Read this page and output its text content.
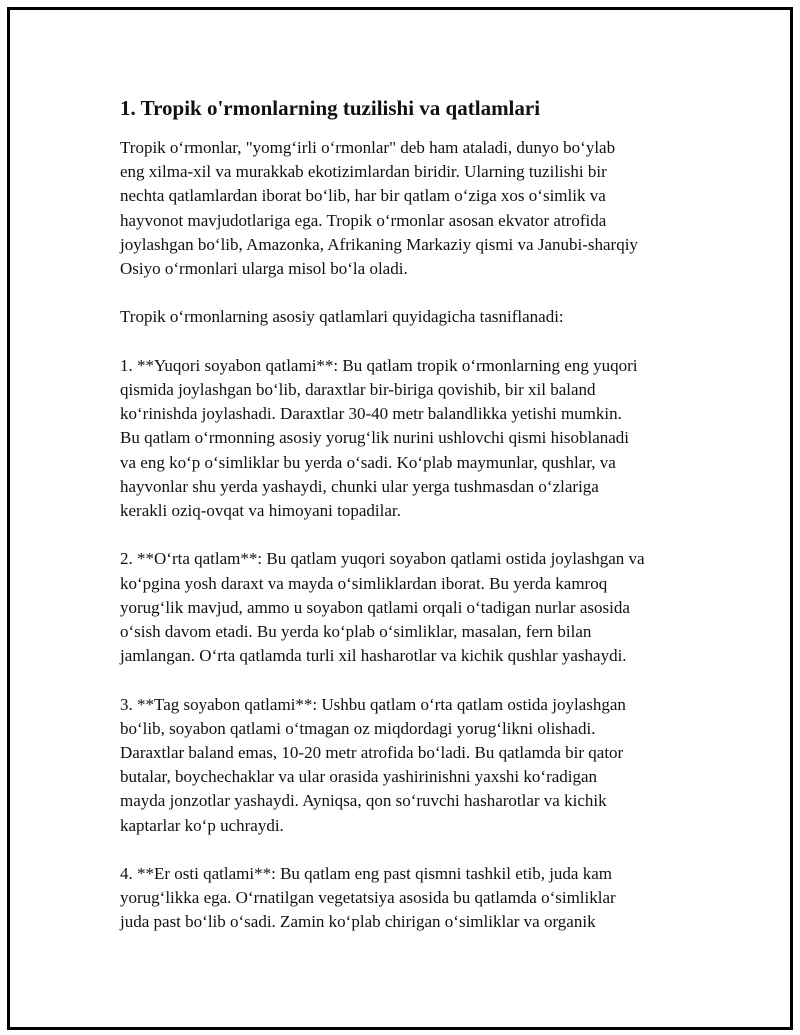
1. Tropik o'rmonlarning tuzilishi va qatlamlari

Tropik o‘rmonlar, "yomg‘irli o‘rmonlar" deb ham ataladi, dunyo bo‘ylab
eng xilma-xil va murakkab ekotizimlardan biridir. Ularning tuzilishi bir
nechta qatlamlardan iborat bo‘lib, har bir qatlam o‘ziga xos o‘simlik va
hayvonot mavjudotlariga ega. Tropik o‘rmonlar asosan ekvator atrofida
joylashgan bo‘lib, Amazonka, Afrikaning Markaziy qismi va Janubi-sharqiy
Osiyo o‘rmonlari ularga misol bo‘la oladi.

Tropik o‘rmonlarning asosiy qatlamlari quyidagicha tasniflanadi:

1. **Yuqori soyabon qatlami**: Bu qatlam tropik o‘rmonlarning eng yuqori
qismida joylashgan bo‘lib, daraxtlar bir-biriga qovishib, bir xil baland
ko‘rinishda joylashadi. Daraxtlar 30-40 metr balandlikka yetishi mumkin.
Bu qatlam o‘rmonning asosiy yorug‘lik nurini ushlovchi qismi hisoblanadi
va eng ko‘p o‘simliklar bu yerda o‘sadi. Ko‘plab maymunlar, qushlar, va
hayvonlar shu yerda yashaydi, chunki ular yerga tushmasdan o‘zlariga
kerakli oziq-ovqat va himoyani topadilar.

2. **O‘rta qatlam**: Bu qatlam yuqori soyabon qatlami ostida joylashgan va
ko‘pgina yosh daraxt va mayda o‘simliklardan iborat. Bu yerda kamroq
yorug‘lik mavjud, ammo u soyabon qatlami orqali o‘tadigan nurlar asosida
o‘sish davom etadi. Bu yerda ko‘plab o‘simliklar, masalan, fern bilan
jamlangan. O‘rta qatlamda turli xil hasharotlar va kichik qushlar yashaydi.

3. **Tag soyabon qatlami**: Ushbu qatlam o‘rta qatlam ostida joylashgan
bo‘lib, soyabon qatlami o‘tmagan oz miqdordagi yorug‘likni olishadi.
Daraxtlar baland emas, 10-20 metr atrofida bo‘ladi. Bu qatlamda bir qator
butalar, boychechaklar va ular orasida yashirinishni yaxshi ko‘radigan
mayda jonzotlar yashaydi. Ayniqsa, qon so‘ruvchi hasharotlar va kichik
kaptarlar ko‘p uchraydi.

4. **Er osti qatlami**: Bu qatlam eng past qismni tashkil etib, juda kam
yorug‘likka ega. O‘rnatilgan vegetatsiya asosida bu qatlamda o‘simliklar
juda past bo‘lib o‘sadi. Zamin ko‘plab chirigan o‘simliklar va organik
